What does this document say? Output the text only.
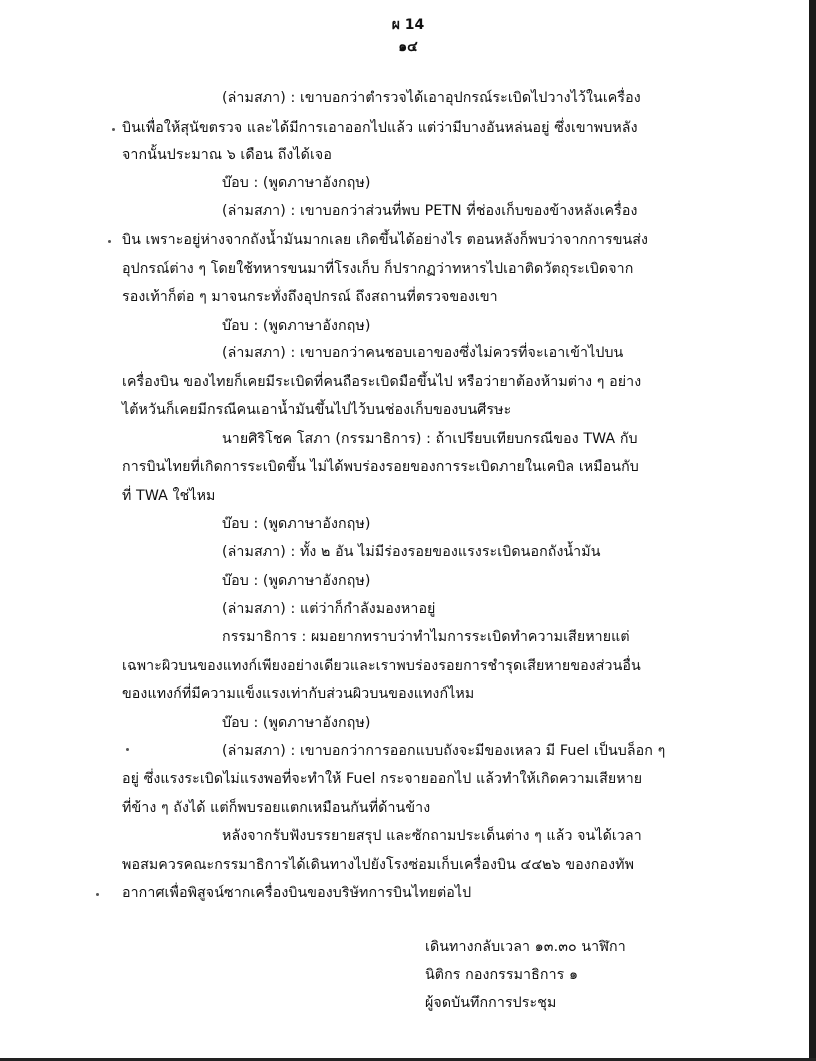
ผ 14
๑๔
(ล่ามสภา) : เขาบอกว่าตำรวจได้เอาอุปกรณ์ระเบิดไปวางไว้ในเครื่อง
บินเพื่อให้สุนัขตรวจ และได้มีการเอาออกไปแล้ว แต่ว่ามีบางอันหล่นอยู่ ซึ่งเขาพบหลัง
จากนั้นประมาณ ๖ เดือน ถึงได้เจอ
บ๊อบ : (พูดภาษาอังกฤษ)
(ล่ามสภา) : เขาบอกว่าส่วนที่พบ PETN ที่ช่องเก็บของข้างหลังเครื่อง
บิน เพราะอยู่ห่างจากถังน้ำมันมากเลย เกิดขึ้นได้อย่างไร ตอนหลังก็พบว่าจากการขนส่ง
อุปกรณ์ต่าง ๆ โดยใช้ทหารขนมาที่โรงเก็บ ก็ปรากฏว่าทหารไปเอาติดวัตถุระเบิดจาก
รองเท้าก็ต่อ ๆ มาจนกระทั่งถึงอุปกรณ์ ถึงสถานที่ตรวจของเขา
บ๊อบ : (พูดภาษาอังกฤษ)
(ล่ามสภา) : เขาบอกว่าคนชอบเอาของซึ่งไม่ควรที่จะเอาเข้าไปบน
เครื่องบิน ของไทยก็เคยมีระเบิดที่คนถือระเบิดมือขึ้นไป หรือว่ายาต้องห้ามต่าง ๆ อย่าง
ไต้หวันก็เคยมีกรณีคนเอาน้ำมันขึ้นไปไว้บนช่องเก็บของบนศีรษะ
นายศิริโชค โสภา (กรรมาธิการ) : ถ้าเปรียบเทียบกรณีของ TWA กับ
การบินไทยที่เกิดการระเบิดขึ้น ไม่ได้พบร่องรอยของการระเบิดภายในเคบิล เหมือนกับ
ที่ TWA ใช่ไหม
บ๊อบ : (พูดภาษาอังกฤษ)
(ล่ามสภา) : ทั้ง ๒ อัน ไม่มีร่องรอยของแรงระเบิดนอกถังน้ำมัน
บ๊อบ : (พูดภาษาอังกฤษ)
(ล่ามสภา) : แต่ว่าก็กำลังมองหาอยู่
กรรมาธิการ : ผมอยากทราบว่าทำไมการระเบิดทำความเสียหายแต่
เฉพาะผิวบนของแทงก์เพียงอย่างเดียวและเราพบร่องรอยการชำรุดเสียหายของส่วนอื่น
ของแทงก์ที่มีความแข็งแรงเท่ากับส่วนผิวบนของแทงก์ไหม
บ๊อบ : (พูดภาษาอังกฤษ)
(ล่ามสภา) : เขาบอกว่าการออกแบบถังจะมีของเหลว มี Fuel เป็นบล็อก ๆ
อยู่ ซึ่งแรงระเบิดไม่แรงพอที่จะทำให้ Fuel กระจายออกไป แล้วทำให้เกิดความเสียหาย
ที่ข้าง ๆ ถังได้ แต่ก็พบรอยแตกเหมือนกันที่ด้านข้าง
หลังจากรับฟังบรรยายสรุป และซักถามประเด็นต่าง ๆ แล้ว จนได้เวลา
พอสมควรคณะกรรมาธิการได้เดินทางไปยังโรงซ่อมเก็บเครื่องบิน ๔๔๒๖ ของกองทัพ
อากาศเพื่อพิสูจน์ซากเครื่องบินของบริษัทการบินไทยต่อไป
เดินทางกลับเวลา ๑๓.๓๐ นาฬิกา
นิติกร กองกรรมาธิการ ๑
ผู้จดบันทึกการประชุม
